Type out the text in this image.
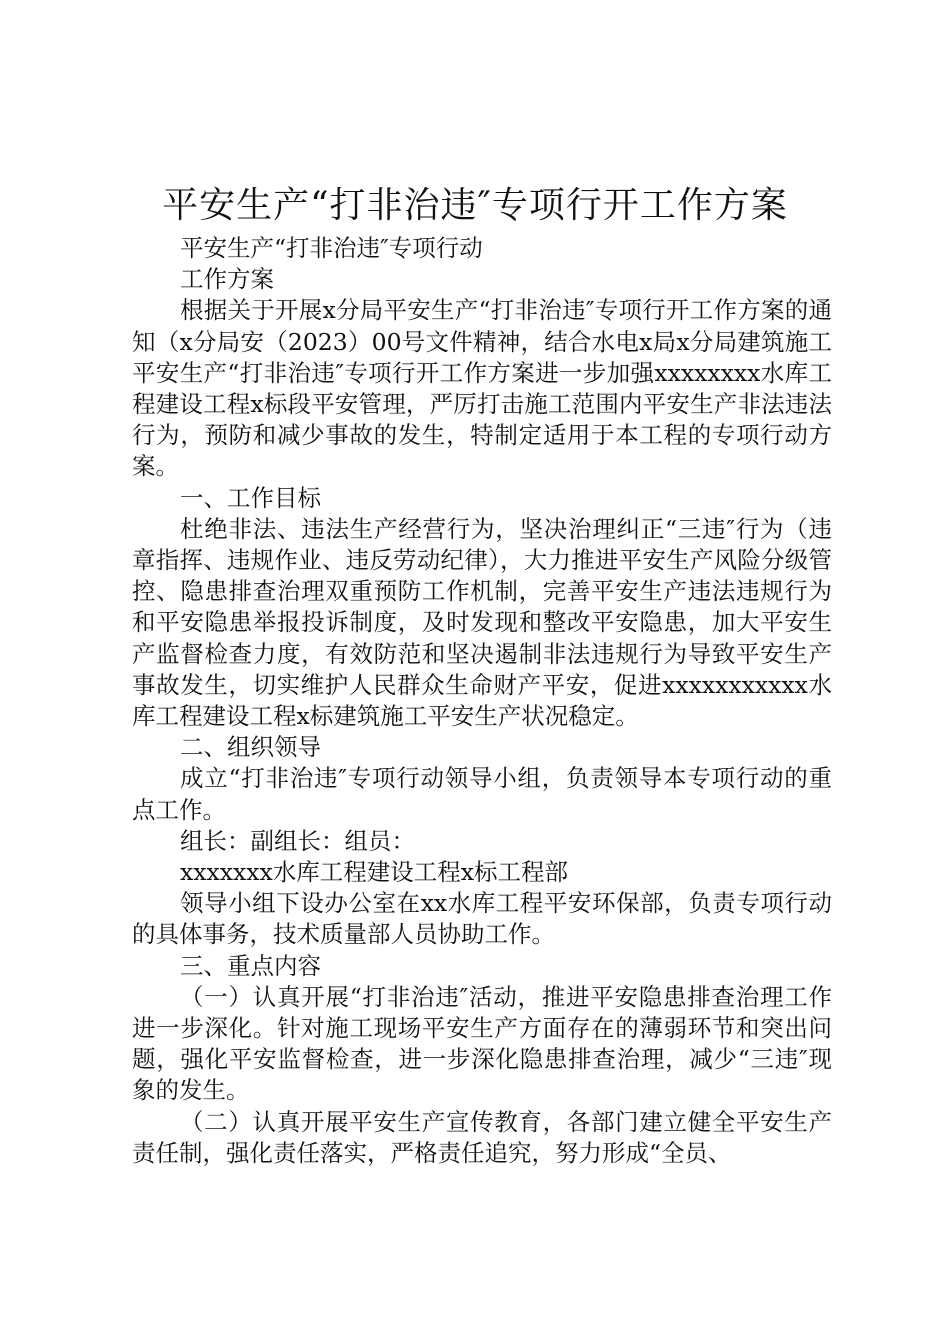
平安生产“打非治违″专项行开工作方案

平安生产“打非治违″专项行动

工作方案

根据关于开展x分局平安生产“打非治违″专项行开工作方案的通知（x分局安（2023）00号文件精神，结合水电x局x分局建筑施工平安生产“打非治违″专项行开工作方案进一步加强xxxxxxxx水库工程建设工程x标段平安管理，严厉打击施工范围内平安生产非法违法行为，预防和减少事故的发生，特制定适用于本工程的专项行动方案。

一、工作目标

杜绝非法、违法生产经营行为，坚决治理纠正“三违″行为（违章指挥、违规作业、违反劳动纪律），大力推进平安生产风险分级管控、隐患排查治理双重预防工作机制，完善平安生产违法违规行为和平安隐患举报投诉制度，及时发现和整改平安隐患，加大平安生产监督检查力度，有效防范和坚决遏制非法违规行为导致平安生产事故发生，切实维护人民群众生命财产平安，促进xxxxxxxxxxx水库工程建设工程x标建筑施工平安生产状况稳定。

二、组织领导

成立“打非治违″专项行动领导小组，负责领导本专项行动的重点工作。

组长：副组长：组员：

xxxxxxx水库工程建设工程x标工程部

领导小组下设办公室在xx水库工程平安环保部，负责专项行动的具体事务，技术质量部人员协助工作。

三、重点内容

（一）认真开展“打非治违″活动，推进平安隐患排查治理工作进一步深化。针对施工现场平安生产方面存在的薄弱环节和突出问题，强化平安监督检查，进一步深化隐患排查治理，减少“三违″现象的发生。

（二）认真开展平安生产宣传教育，各部门建立健全平安生产责任制，强化责任落实，严格责任追究，努力形成“全员、
